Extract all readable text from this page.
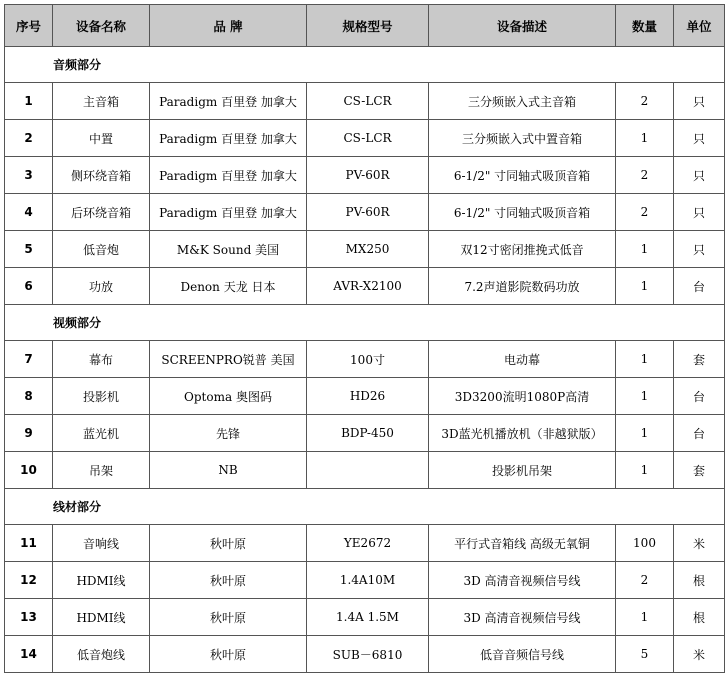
序号	设备名称	品 牌	规格型号	设备描述	数量	单位
音频部分						
1	主音箱	Paradigm 百里登 加拿大	CS-LCR	三分频嵌入式主音箱	2	只
2	中置	Paradigm 百里登 加拿大	CS-LCR	三分频嵌入式中置音箱	1	只
3	侧环绕音箱	Paradigm 百里登 加拿大	PV-60R	6-1/2" 寸同轴式吸顶音箱	2	只
4	后环绕音箱	Paradigm 百里登 加拿大	PV-60R	6-1/2" 寸同轴式吸顶音箱	2	只
5	低音炮	M&K Sound 美国	MX250	双12寸密闭推挽式低音	1	只
6	功放	Denon 天龙 日本	AVR-X2100	7.2声道影院数码功放	1	台
视频部分						
7	幕布	SCREENPRO锐普 美国	100寸	电动幕	1	套
8	投影机	Optoma 奥图码	HD26	3D3200流明1080P高清	1	台
9	蓝光机	先锋	BDP-450	3D蓝光机播放机（非越狱版）	1	台
10	吊架	NB		投影机吊架	1	套
线材部分						
11	音响线	秋叶原	YE2672	平行式音箱线 高级无氧铜	100	米
12	HDMI线	秋叶原	1.4A10M	3D 高清音视频信号线	2	根
13	HDMI线	秋叶原	1.4A 1.5M	3D 高清音视频信号线	1	根
14	低音炮线	秋叶原	SUB－6810	低音音频信号线	5	米
